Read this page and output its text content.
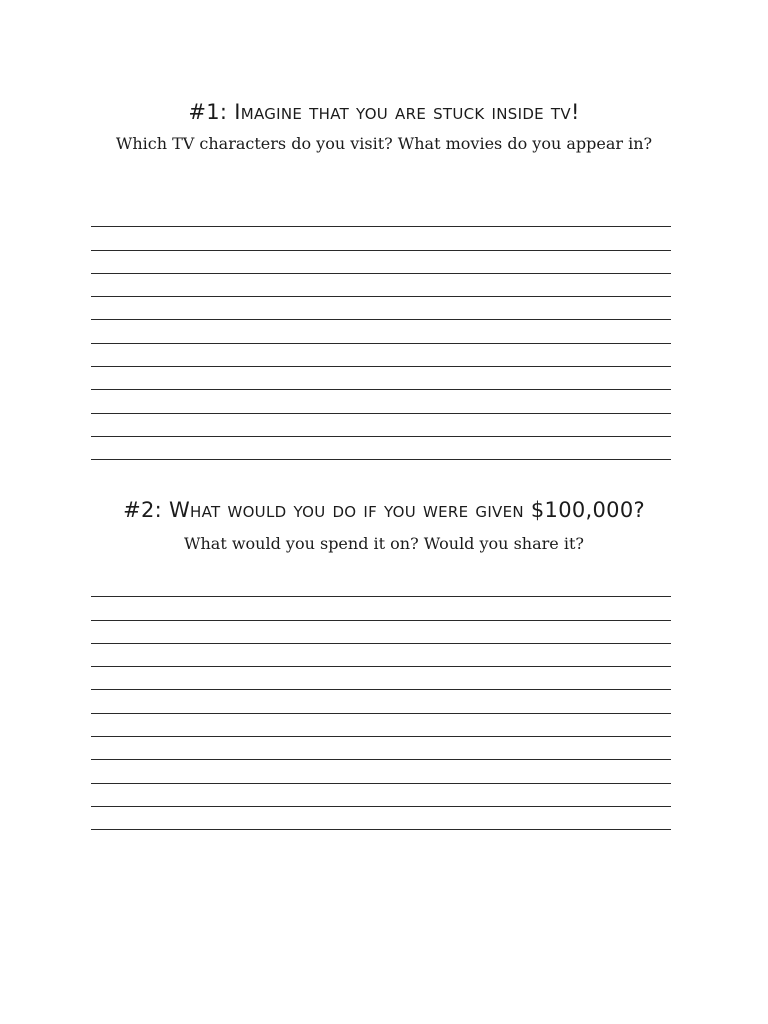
#1: Imagine that you are stuck inside tv!
Which TV characters do you visit? What movies do you appear in?
#2: What would you do if you were given $100,000?
What would you spend it on? Would you share it?
